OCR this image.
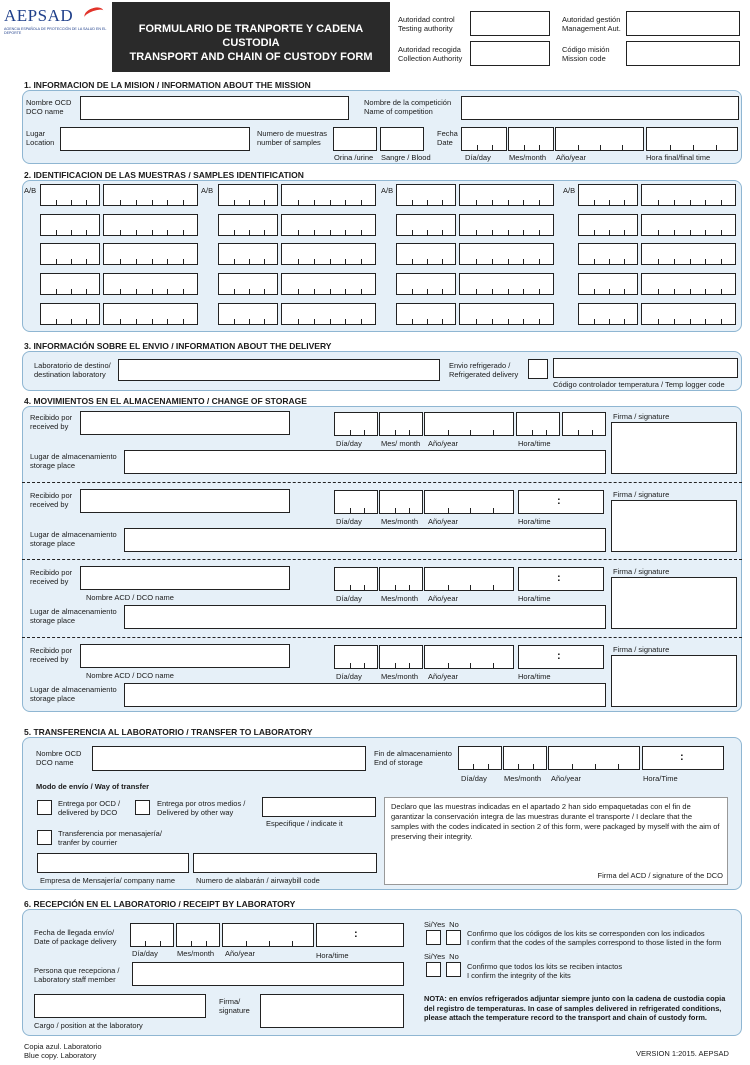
AEPSAD
AGENCIA ESPAÑOLA DE PROTECCIÓN DE LA SALUD EN EL DEPORTE	FORMULARIO DE TRANPORTE Y CADENA CUSTODIA
TRANSPORT AND CHAIN OF CUSTODY FORM
Autoridad control
Testing authority
Autoridad recogida
Collection Authority
Autoridad gestión
Management Aut.
Código misión
Mission code
1. INFORMACION DE LA MISION / INFORMATION ABOUT THE MISSION
Nombre OCD
DCO name
Nombre de la competición
Name of competition
Lugar
Location
Numero de muestras
number of samples
Orina /urine Sangre / Blood
Fecha
Date
Día/day Mes/month Año/year	Hora final/final time
2. IDENTIFICACION DE LAS MUESTRAS / SAMPLES IDENTIFICATION
3. INFORMACIÓN SOBRE EL ENVIO / INFORMATION ABOUT THE DELIVERY
Laboratorio de destino/
destination laboratory
Envio refrigerado /
Refrigerated delivery
Código controlador temperatura / Temp logger code
4. MOVIMIENTOS EN EL ALMACENAMIENTO / CHANGE OF STORAGE
5. TRANSFERENCIA AL LABORATORIO / TRANSFER TO LABORATORY
Nombre OCD
DCO name
Fin de almacenamiento
End of storage	:
Día/day Mes/month Año/year	Hora/Time
Modo de envío / Way of transfer
Entrega por OCD /
delivered by DCO
Entrega por otros medios /
Delivered by other way
Especifique / indicate it
Transferencia por menasajería/
tranfer by courrier
Empresa de Mensajería/ company name	Numero de alabarán / airwaybill code
Declaro que las muestras indicadas en el apartado 2 han sido empaquetadas con el fin de garantizar la conservación integra de las muestras durante el transporte / I declare that the samples with the codes indicated in section 2 of this form, were packaged by myself with the aim of preserving their integrity.
Firma del ACD / signature of the DCO
6. RECEPCIÓN EN EL LABORATORIO / RECEIPT BY LABORATORY
Fecha de llegada envío/
Date of package delivery
:
Día/day	Mes/month Año/year	Hora/time
Persona que recepciona /
Laboratory staff member
Cargo / position at the laboratory
Firma/
signature
Si/Yes  No
Confirmo que los códigos de los kits se corresponden con los indicados
I confirm that the codes of the samples correspond to those listed in the form
Si/Yes  No
Confirmo que todos los kits se reciben intactos
I confirm the integrity of the kits
NOTA: en envíos refrigerados adjuntar siempre junto con la cadena de custodia copia del registro de temperaturas. In case of samples delivered in refrigerated conditions, please attach the temperature record to the transport and chain of custody form.
Copia azul. Laboratorio
Blue copy. Laboratory	VERSION 1:2015. AEPSAD
A/B	A/B	A/B	A/B
Recibido por
received by
Día/day	Mes/ month Año/year	Hora/time
Firma / signature
Lugar de almacenamiento
storage place
Recibido por
received by	:
Día/day	Mes/month Año/year	Hora/time
Firma / signature
Lugar de almacenamiento
storage place
Recibido por
received by
Nombre ACD / DCO name
:
Día/day	Mes/month Año/year	Hora/time
Firma / signature
Lugar de almacenamiento
storage place
Recibido por
received by
Nombre ACD / DCO name
:
Día/day	Mes/month Año/year	Hora/time
Firma / signature
Lugar de almacenamiento
storage place
